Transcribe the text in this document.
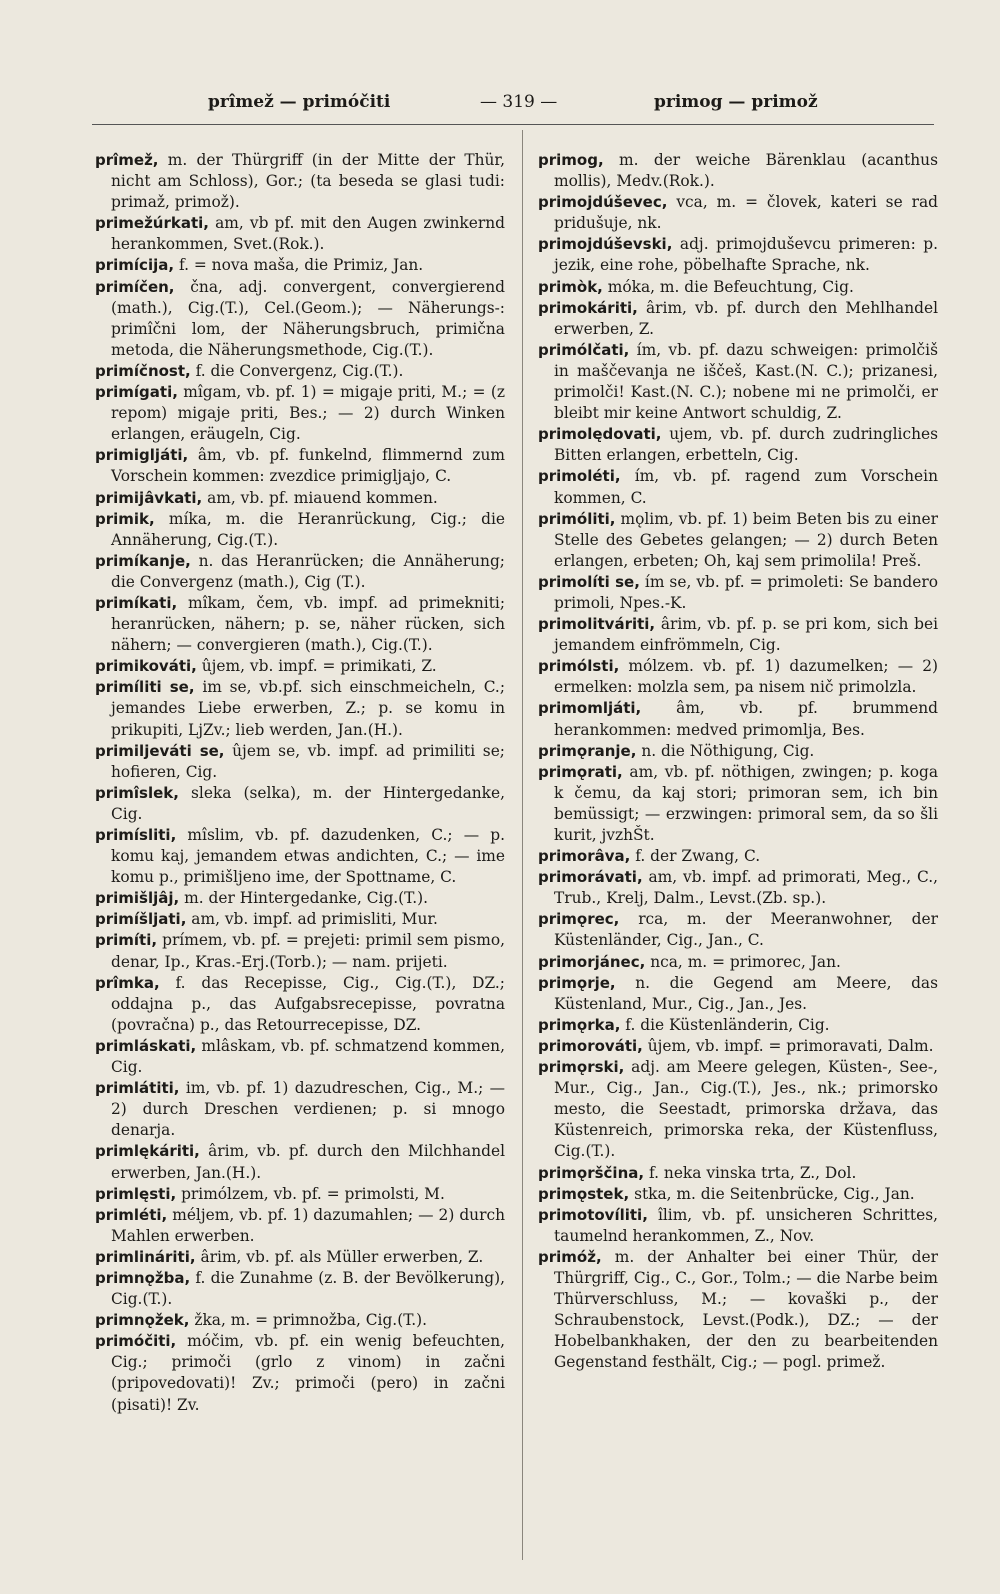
prîmež — primóčiti	— 319 —	primog — primož

prîmež, m. der Thürgriff (in der Mitte der Thür, nicht am Schloss), Gor.; (ta beseda se glasi tudi: primaž, primož).

primežúrkati, am, vb pf. mit den Augen zwinkernd herankommen, Svet.(Rok.).

primícija, f. = nova maša, die Primiz, Jan.

primíčen, čna, adj. convergent, convergierend (math.), Cig.(T.), Cel.(Geom.); — Näherungs-: primîčni lom, der Näherungsbruch, primična metoda, die Näherungsmethode, Cig.(T.).

primíčnost, f. die Convergenz, Cig.(T.).

primígati, mîgam, vb. pf. 1) = migaje priti, M.; = (z repom) migaje priti, Bes.; — 2) durch Winken erlangen, eräugeln, Cig.

primigljáti, âm, vb. pf. funkelnd, flimmernd zum Vorschein kommen: zvezdice primigljajo, C.

primijâvkati, am, vb. pf. miauend kommen.

primik, míka, m. die Heranrückung, Cig.; die Annäherung, Cig.(T.).

primíkanje, n. das Heranrücken; die Annäherung; die Convergenz (math.), Cig (T.).

primíkati, mîkam, čem, vb. impf. ad primekniti; heranrücken, nähern; p. se, näher rücken, sich nähern; — convergieren (math.), Cig.(T.).

primikováti, ûjem, vb. impf. = primikati, Z.

primíliti se, im se, vb.pf. sich einschmeicheln, C.; jemandes Liebe erwerben, Z.; p. se komu in prikupiti, LjZv.; lieb werden, Jan.(H.).

primiljeváti se, ûjem se, vb. impf. ad primiliti se; hofieren, Cig.

primîslek, sleka (selka), m. der Hintergedanke, Cig.

primísliti, mîslim, vb. pf. dazudenken, C.; — p. komu kaj, jemandem etwas andichten, C.; — ime komu p., primišljeno ime, der Spottname, C.

primišljâj, m. der Hintergedanke, Cig.(T.).

primíšljati, am, vb. impf. ad primisliti, Mur.

primíti, prímem, vb. pf. = prejeti: primil sem pismo, denar, Ip., Kras.-Erj.(Torb.); — nam. prijeti.

prîmka, f. das Recepisse, Cig., Cig.(T.), DZ.; oddajna p., das Aufgabsrecepisse, povratna (povračna) p., das Retourrecepisse, DZ.

primláskati, mlâskam, vb. pf. schmatzend kommen, Cig.

primlátiti, im, vb. pf. 1) dazudreschen, Cig., M.; — 2) durch Dreschen verdienen; p. si mnogo denarja.

primlękáriti, ârim, vb. pf. durch den Milchhandel erwerben, Jan.(H.).

primlęsti, primólzem, vb. pf. = primolsti, M.

primléti, méljem, vb. pf. 1) dazumahlen; — 2) durch Mahlen erwerben.

primlináriti, ârim, vb. pf. als Müller erwerben, Z.

primnǫžba, f. die Zunahme (z. B. der Bevölkerung), Cig.(T.).

primnǫžek, žka, m. = primnožba, Cig.(T.).

primóčiti, móčim, vb. pf. ein wenig befeuchten, Cig.; primoči (grlo z vinom) in začni (pripovedovati)! Zv.; primoči (pero) in začni (pisati)! Zv.

primog, m. der weiche Bärenklau (acanthus mollis), Medv.(Rok.).

primojdúševec, vca, m. = človek, kateri se rad pridušuje, nk.

primojdúševski, adj. primojduševcu primeren: p. jezik, eine rohe, pöbelhafte Sprache, nk.

primòk, móka, m. die Befeuchtung, Cig.

primokáriti, ârim, vb. pf. durch den Mehlhandel erwerben, Z.

primólčati, ím, vb. pf. dazu schweigen: primolčiš in maščevanja ne iščeš, Kast.(N. C.); prizanesi, primolči! Kast.(N. C.); nobene mi ne primolči, er bleibt mir keine Antwort schuldig, Z.

primolędovati, ujem, vb. pf. durch zudringliches Bitten erlangen, erbetteln, Cig.

primoléti, ím, vb. pf. ragend zum Vorschein kommen, C.

primóliti, mǫlim, vb. pf. 1) beim Beten bis zu einer Stelle des Gebetes gelangen; — 2) durch Beten erlangen, erbeten; Oh, kaj sem primolila! Preš.

primolíti se, ím se, vb. pf. = primoleti: Se bandero primoli, Npes.-K.

primolitváriti, ârim, vb. pf. p. se pri kom, sich bei jemandem einfrömmeln, Cig.

primólsti, mólzem. vb. pf. 1) dazumelken; — 2) ermelken: molzla sem, pa nisem nič primolzla.

primomljáti, âm, vb. pf. brummend herankommen: medved primomlja, Bes.

primǫranje, n. die Nöthigung, Cig.

primǫrati, am, vb. pf. nöthigen, zwingen; p. koga k čemu, da kaj stori; primoran sem, ich bin bemüssigt; — erzwingen: primoral sem, da so šli kurit, jvzhŠt.

primorâva, f. der Zwang, C.

primorávati, am, vb. impf. ad primorati, Meg., C., Trub., Krelj, Dalm., Levst.(Zb. sp.).

primǫrec, rca, m. der Meeranwohner, der Küstenländer, Cig., Jan., C.

primorjánec, nca, m. = primorec, Jan.

primǫrje, n. die Gegend am Meere, das Küstenland, Mur., Cig., Jan., Jes.

primǫrka, f. die Küstenländerin, Cig.

primorováti, ûjem, vb. impf. = primoravati, Dalm.

primǫrski, adj. am Meere gelegen, Küsten-, See-, Mur., Cig., Jan., Cig.(T.), Jes., nk.; primorsko mesto, die Seestadt, primorska država, das Küstenreich, primorska reka, der Küstenfluss, Cig.(T.).

primǫrščina, f. neka vinska trta, Z., Dol.

primǫstek, stka, m. die Seitenbrücke, Cig., Jan.

primotovíliti, îlim, vb. pf. unsicheren Schrittes, taumelnd herankommen, Z., Nov.

primóž, m. der Anhalter bei einer Thür, der Thürgriff, Cig., C., Gor., Tolm.; — die Narbe beim Thürverschluss, M.; — kovaški p., der Schraubenstock, Levst.(Podk.), DZ.; — der Hobelbankhaken, der den zu bearbeitenden Gegenstand festhält, Cig.; — pogl. primež.
